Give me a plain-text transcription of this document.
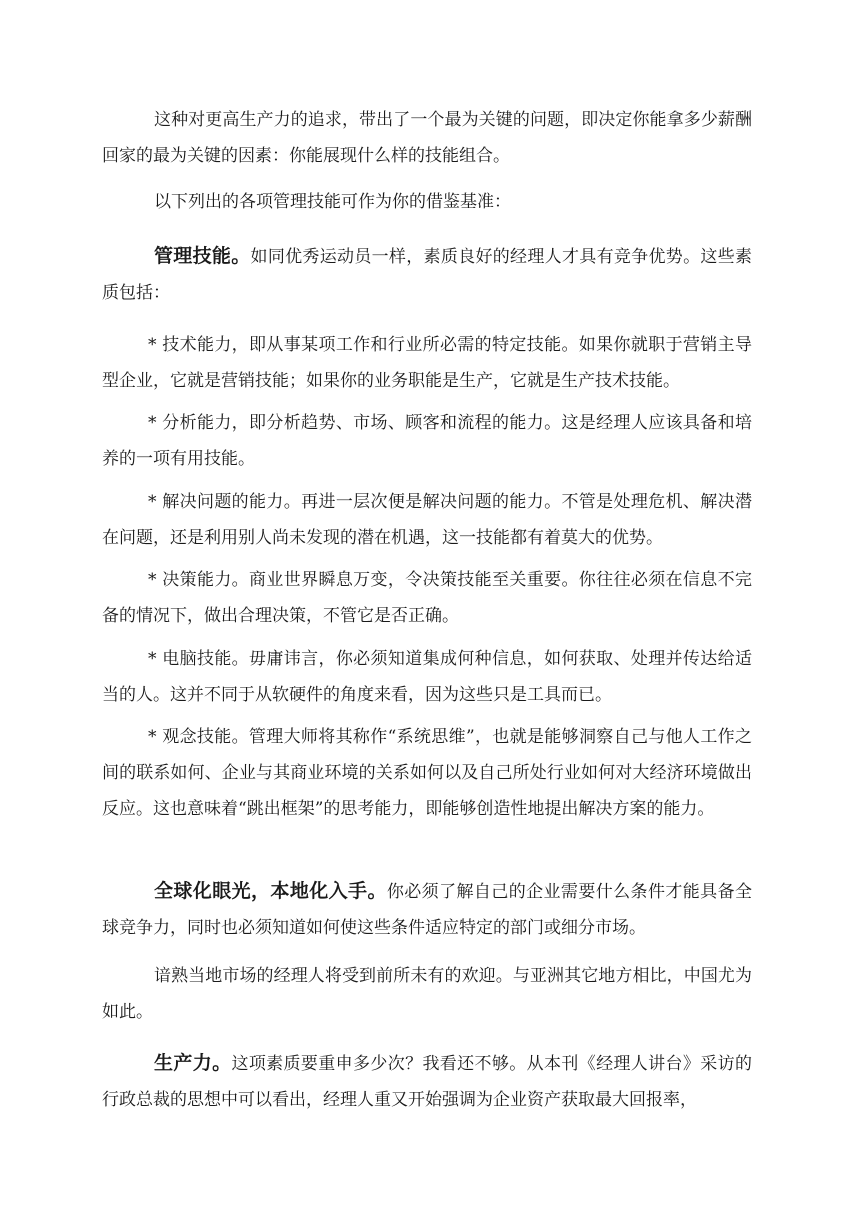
这种对更高生产力的追求，带出了一个最为关键的问题，即决定你能拿多少薪酬回家的最为关键的因素：你能展现什么样的技能组合。

以下列出的各项管理技能可作为你的借鉴基准：

管理技能。如同优秀运动员一样，素质良好的经理人才具有竞争优势。这些素质包括：

* 技术能力，即从事某项工作和行业所必需的特定技能。如果你就职于营销主导型企业，它就是营销技能；如果你的业务职能是生产，它就是生产技术技能。

* 分析能力，即分析趋势、市场、顾客和流程的能力。这是经理人应该具备和培养的一项有用技能。

* 解决问题的能力。再进一层次便是解决问题的能力。不管是处理危机、解决潜在问题，还是利用别人尚未发现的潜在机遇，这一技能都有着莫大的优势。

* 决策能力。商业世界瞬息万变，令决策技能至关重要。你往往必须在信息不完备的情况下，做出合理决策，不管它是否正确。

* 电脑技能。毋庸讳言，你必须知道集成何种信息，如何获取、处理并传达给适当的人。这并不同于从软硬件的角度来看，因为这些只是工具而已。

* 观念技能。管理大师将其称作“系统思维”，也就是能够洞察自己与他人工作之间的联系如何、企业与其商业环境的关系如何以及自己所处行业如何对大经济环境做出反应。这也意味着“跳出框架”的思考能力，即能够创造性地提出解决方案的能力。

全球化眼光，本地化入手。你必须了解自己的企业需要什么条件才能具备全球竞争力，同时也必须知道如何使这些条件适应特定的部门或细分市场。

谙熟当地市场的经理人将受到前所未有的欢迎。与亚洲其它地方相比，中国尤为如此。

生产力。这项素质要重申多少次？我看还不够。从本刊《经理人讲台》采访的行政总裁的思想中可以看出，经理人重又开始强调为企业资产获取最大回报率，
